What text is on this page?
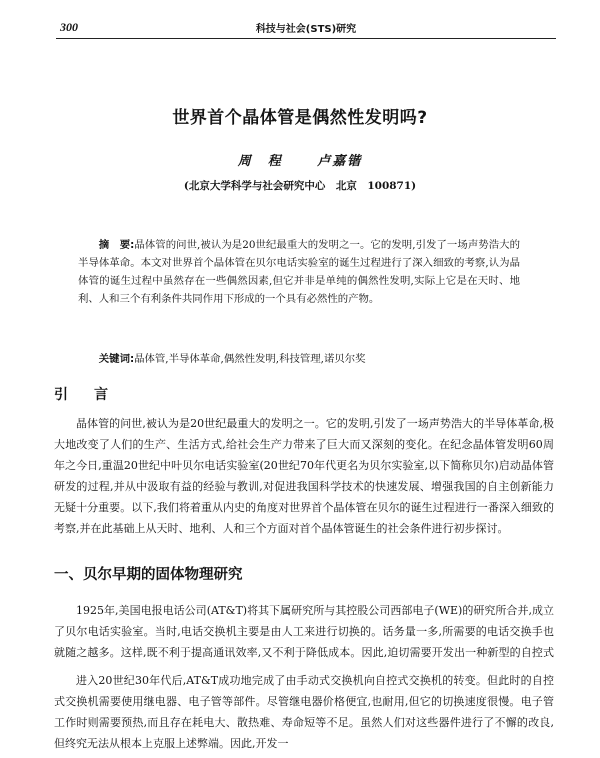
300	科技与社会(STS)研究
世界首个晶体管是偶然性发明吗?
周　程	卢嘉锴
(北京大学科学与社会研究中心　北京　100871)

摘　要:晶体管的问世,被认为是20世纪最重大的发明之一。它的发明,引发了一场声势浩大的半导体革命。本文对世界首个晶体管在贝尔电话实验室的诞生过程进行了深入细致的考察,认为晶体管的诞生过程中虽然存在一些偶然因素,但它并非是单纯的偶然性发明,实际上它是在天时、地利、人和三个有利条件共同作用下形成的一个具有必然性的产物。

关键词:晶体管,半导体革命,偶然性发明,科技管理,诺贝尔奖

引　言

晶体管的问世,被认为是20世纪最重大的发明之一。它的发明,引发了一场声势浩大的半导体革命,极大地改变了人们的生产、生活方式,给社会生产力带来了巨大而又深刻的变化。在纪念晶体管发明60周年之今日,重温20世纪中叶贝尔电话实验室(20世纪70年代更名为贝尔实验室,以下简称贝尔)启动晶体管研发的过程,并从中汲取有益的经验与教训,对促进我国科学技术的快速发展、增强我国的自主创新能力无疑十分重要。以下,我们将着重从内史的角度对世界首个晶体管在贝尔的诞生过程进行一番深入细致的考察,并在此基础上从天时、地利、人和三个方面对首个晶体管诞生的社会条件进行初步探讨。

一、贝尔早期的固体物理研究

1925年,美国电报电话公司(AT&T)将其下属研究所与其控股公司西部电子(WE)的研究所合并,成立了贝尔电话实验室。当时,电话交换机主要是由人工来进行切换的。话务量一多,所需要的电话交换手也就随之越多。这样,既不利于提高通讯效率,又不利于降低成本。因此,迫切需要开发出一种新型的自控式

进入20世纪30年代后,AT&T成功地完成了由手动式交换机向自控式交换机的转变。但此时的自控式交换机需要使用继电器、电子管等部件。尽管继电器价格便宜,也耐用,但它的切换速度很慢。电子管工作时则需要预热,而且存在耗电大、散热难、寿命短等不足。虽然人们对这些器件进行了不懈的改良,但终究无法从根本上克服上述弊端。因此,开发一
